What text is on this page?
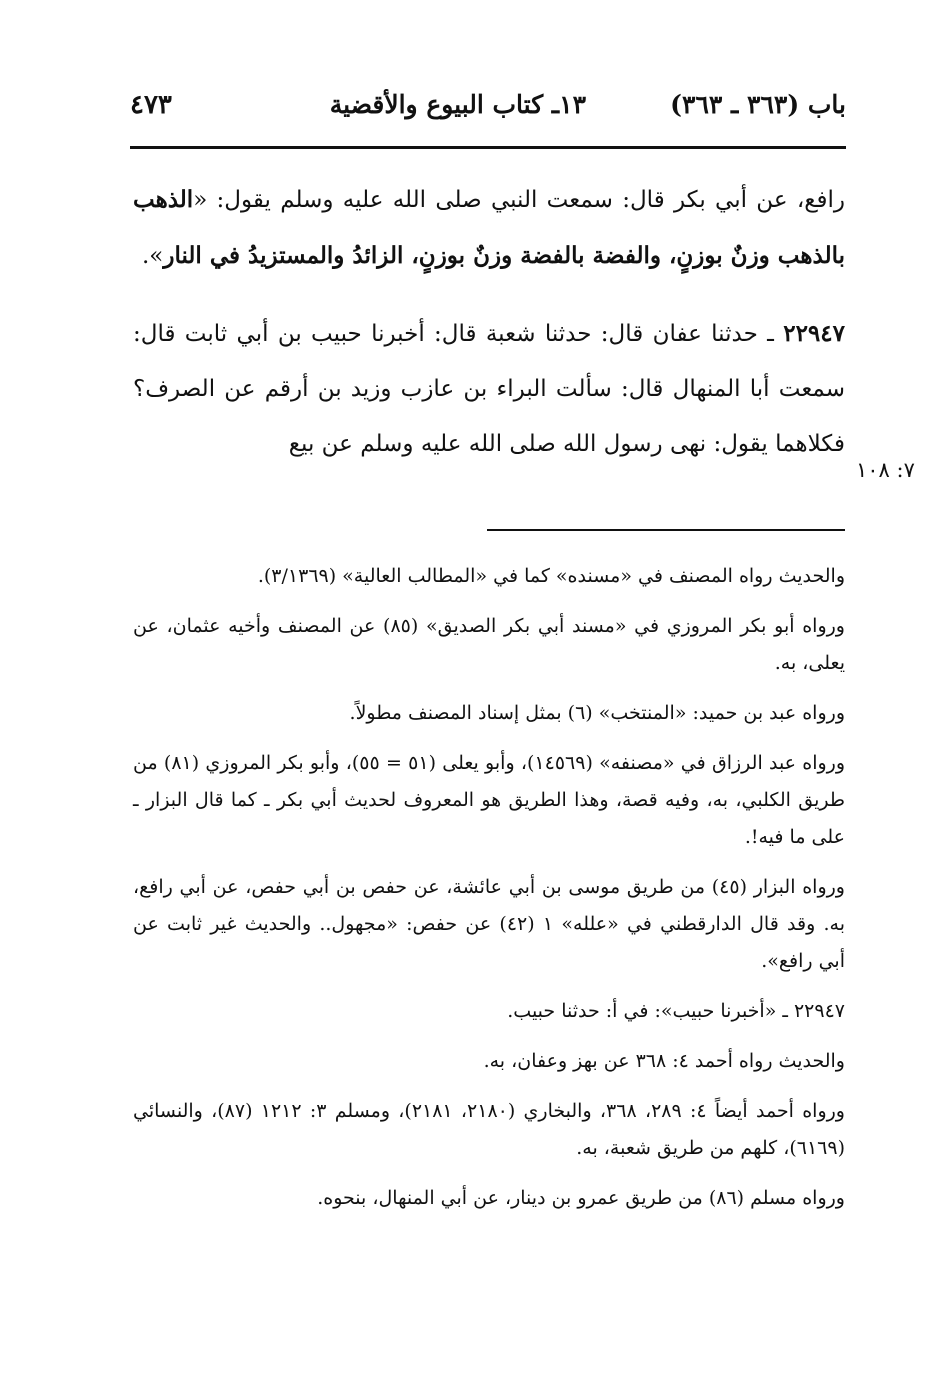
باب (٣٦٣ ـ ٣٦٣)
١٣ـ كتاب البيوع والأقضية
٤٧٣

رافع، عن أبي بكر قال: سمعت النبي صلى الله عليه وسلم يقول: «الذهب بالذهب وزنٌ بوزنٍ، والفضة بالفضة وزنٌ بوزنٍ، الزائدُ والمستزيدُ في النار».

٢٢٩٤٧ ـ حدثنا عفان قال: حدثنا شعبة قال: أخبرنا حبيب بن أبي ثابت قال: سمعت أبا المنهال قال: سألت البراء بن عازب وزيد بن أرقم عن الصرف؟ فكلاهما يقول: نهى رسول الله صلى الله عليه وسلم عن بيع

٧: ١٠٨

والحديث رواه المصنف في «مسنده» كما في «المطالب العالية» (٣/١٣٦٩).

ورواه أبو بكر المروزي في «مسند أبي بكر الصديق» (٨٥) عن المصنف وأخيه عثمان، عن يعلى، به.

ورواه عبد بن حميد: «المنتخب» (٦) بمثل إسناد المصنف مطولاً.

ورواه عبد الرزاق في «مصنفه» (١٤٥٦٩)، وأبو يعلى (٥١ = ٥٥)، وأبو بكر المروزي (٨١) من طريق الكلبي، به، وفيه قصة، وهذا الطريق هو المعروف لحديث أبي بكر ـ كما قال البزار ـ على ما فيه!.

ورواه البزار (٤٥) من طريق موسى بن أبي عائشة، عن حفص بن أبي حفص، عن أبي رافع، به. وقد قال الدارقطني في «علله» ١ (٤٢) عن حفص: «مجهول.. والحديث غير ثابت عن أبي رافع».

٢٢٩٤٧ ـ «أخبرنا حبيب»: في أ: حدثنا حبيب.

والحديث رواه أحمد ٤: ٣٦٨ عن بهز وعفان، به.

ورواه أحمد أيضاً ٤: ٢٨٩، ٣٦٨، والبخاري (٢١٨٠، ٢١٨١)، ومسلم ٣: ١٢١٢ (٨٧)، والنسائي (٦١٦٩)، كلهم من طريق شعبة، به.

ورواه مسلم (٨٦) من طريق عمرو بن دينار، عن أبي المنهال، بنحوه.
